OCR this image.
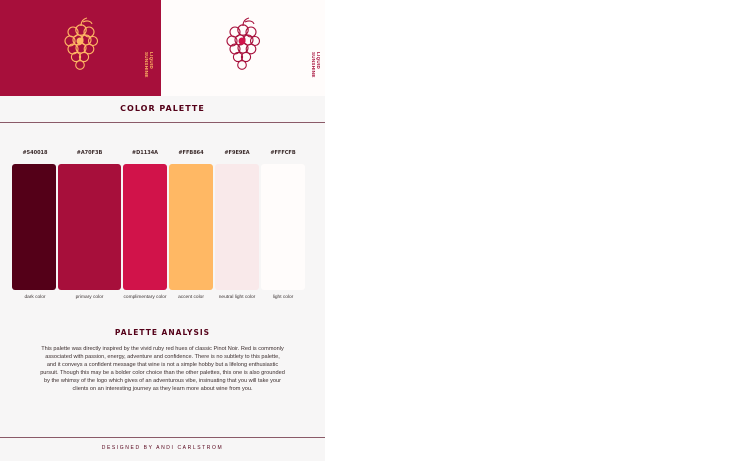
LIQUID SUNSHINE	LIQUID SUNSHINE
COLOR PALETTE
#540018
dark color
#A70F3B
primary color
#D1134A
complimentary color
#FFB864
accent color
#F9E9EA
neutral light color
#FFFCFB
light color
PALETTE ANALYSIS
This palette was directly inspired by the vivid ruby red hues of classic Pinot Noir. Red is commonly associated with passion, energy, adventure and confidence. There is no subtlety to this palette, and it conveys a confident message that wine is not a simple hobby but a lifelong enthusiastic pursuit. Though this may be a bolder color choice than the other palettes, this one is also grounded by the whimsy of the logo which gives of an adventurous vibe, insinuating that you will take your clients on an interesting journey as they learn more about wine from you.
DESIGNED BY ANDI CARLSTROM
